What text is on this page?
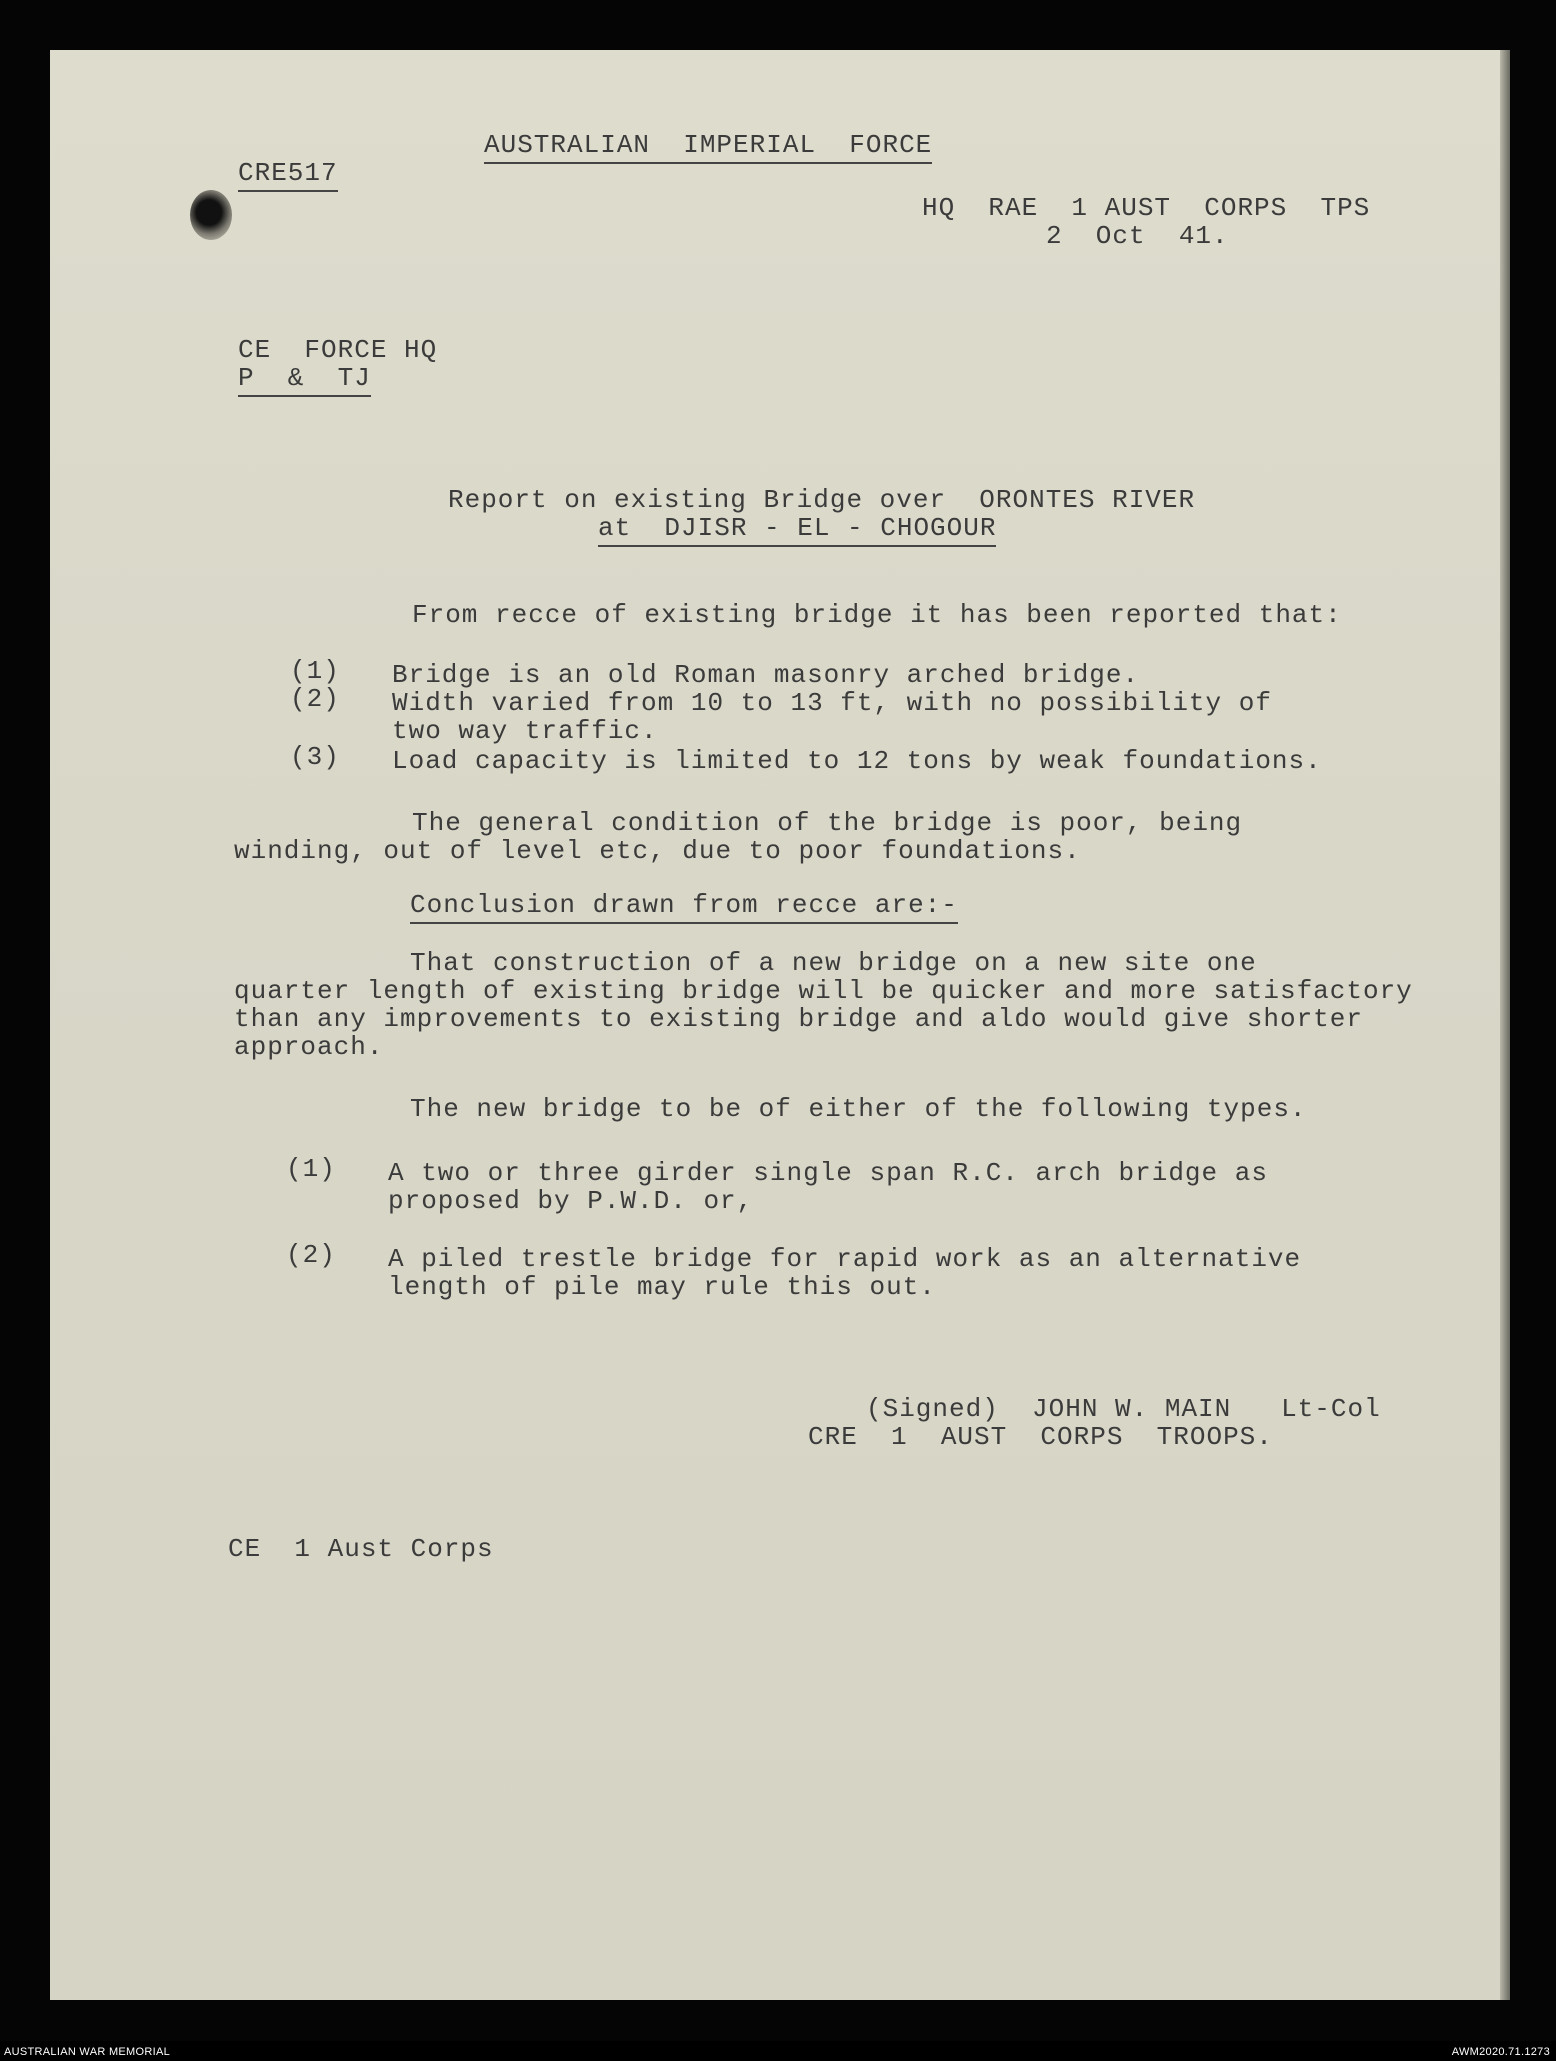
AUSTRALIAN  IMPERIAL  FORCE
CRE517
HQ  RAE  1 AUST  CORPS  TPS
2  Oct  41.
CE  FORCE HQ
P  &  TJ
Report on existing Bridge over  ORONTES RIVER
at  DJISR - EL - CHOGOUR
From recce of existing bridge it has been reported that:
(1) Bridge is an old Roman masonry arched bridge.
(2) Width varied from 10 to 13 ft, with no possibility of
two way traffic.
(3) Load capacity is limited to 12 tons by weak foundations.
The general condition of the bridge is poor, being
winding, out of level etc, due to poor foundations.
Conclusion drawn from recce are:-
That construction of a new bridge on a new site one
quarter length of existing bridge will be quicker and more satisfactory
than any improvements to existing bridge and aldo would give shorter
approach.
The new bridge to be of either of the following types.
(1) A two or three girder single span R.C. arch bridge as
proposed by P.W.D. or,
(2) A piled trestle bridge for rapid work as an alternative
length of pile may rule this out.
(Signed)  JOHN W. MAIN   Lt-Col
CRE  1  AUST  CORPS  TROOPS.
CE  1 Aust Corps
AUSTRALIAN WAR MEMORIAL	AWM2020.71.1273
